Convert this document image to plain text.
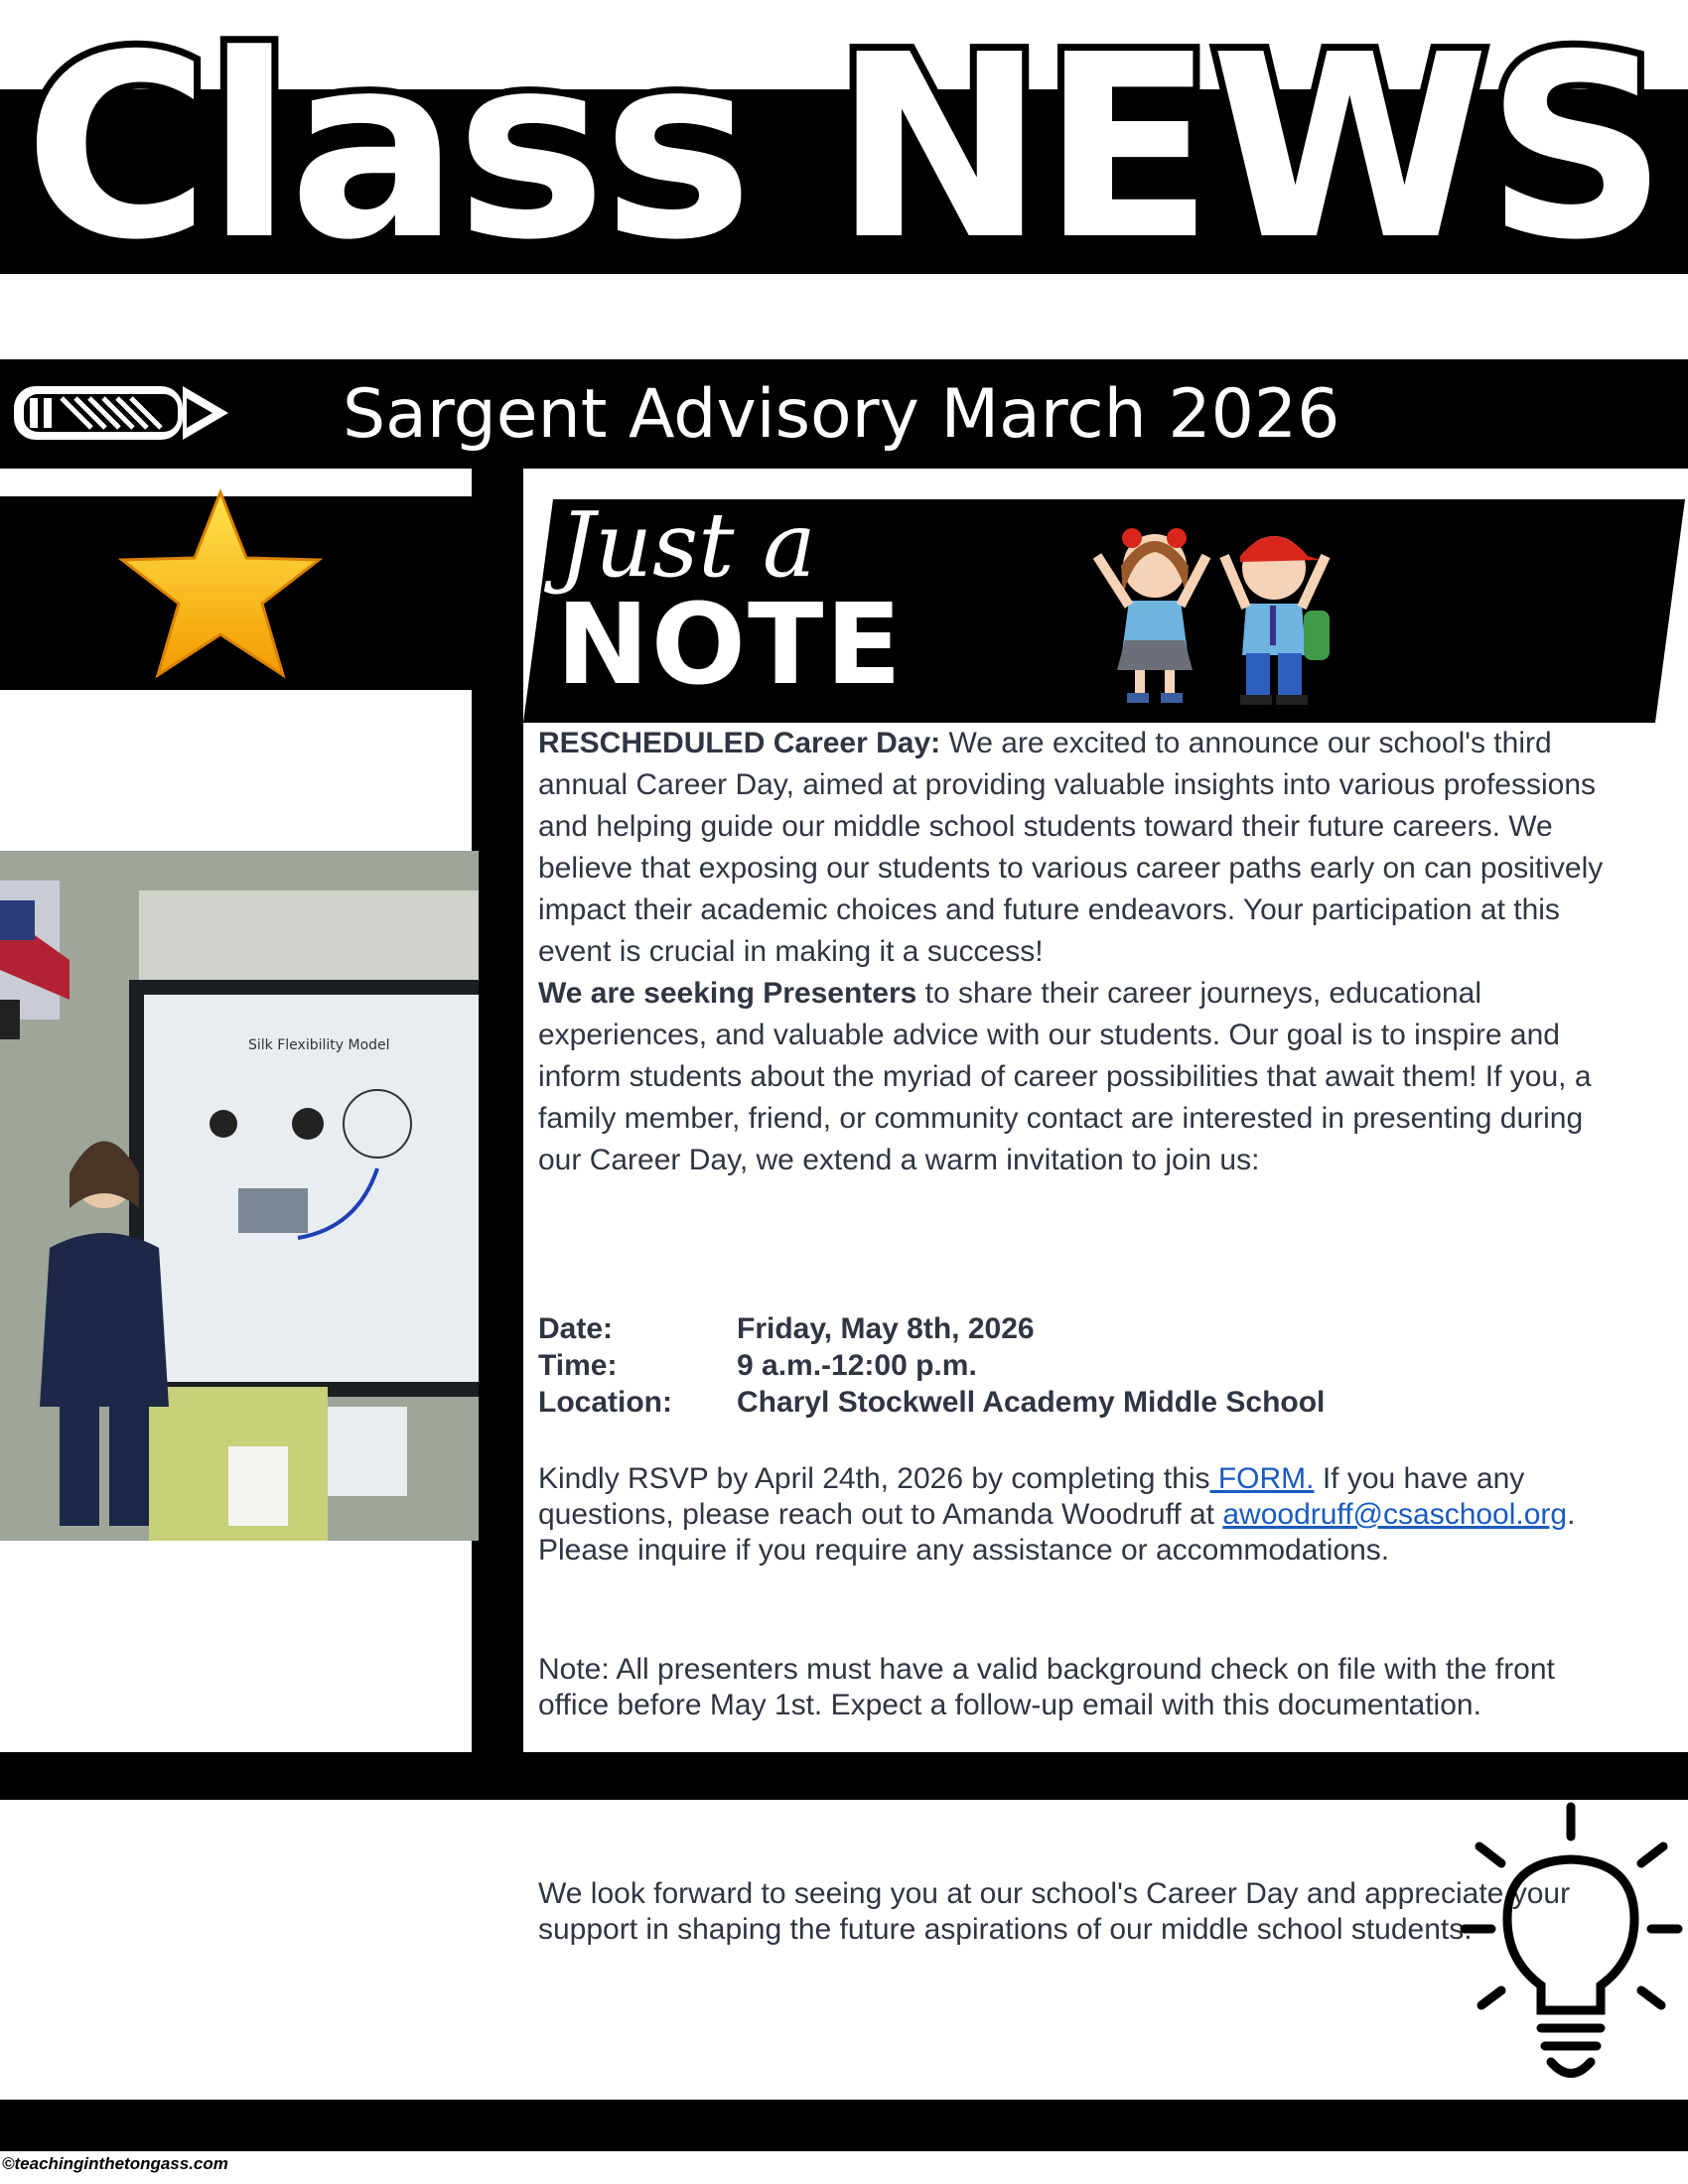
Class NEWS
Sargent Advisory March 2026
Silk Flexibility Model
Just a
NOTE

RESCHEDULED Career Day: We are excited to announce our school's third annual Career Day, aimed at providing valuable insights into various professions and helping guide our middle school students toward their future careers. We believe that exposing our students to various career paths early on can positively impact their academic choices and future endeavors. Your participation at this event is crucial in making it a success!

We are seeking Presenters to share their career journeys, educational experiences, and valuable advice with our students. Our goal is to inspire and inform students about the myriad of career possibilities that await them! If you, a family member, friend, or community contact are interested in presenting during our Career Day, we extend a warm invitation to join us:

Date:	Friday, May 8th, 2026
Time:	9 a.m.-12:00 p.m.
Location:	Charyl Stockwell Academy Middle School
Kindly RSVP by April 24th, 2026 by completing this FORM. If you have any questions, please reach out to Amanda Woodruff at awoodruff@csaschool.org. Please inquire if you require any assistance or accommodations.
Note: All presenters must have a valid background check on file with the front office before May 1st. Expect a follow-up email with this documentation.
We look forward to seeing you at our school's Career Day and appreciate your support in shaping the future aspirations of our middle school students.
©teachinginthetongass.com
